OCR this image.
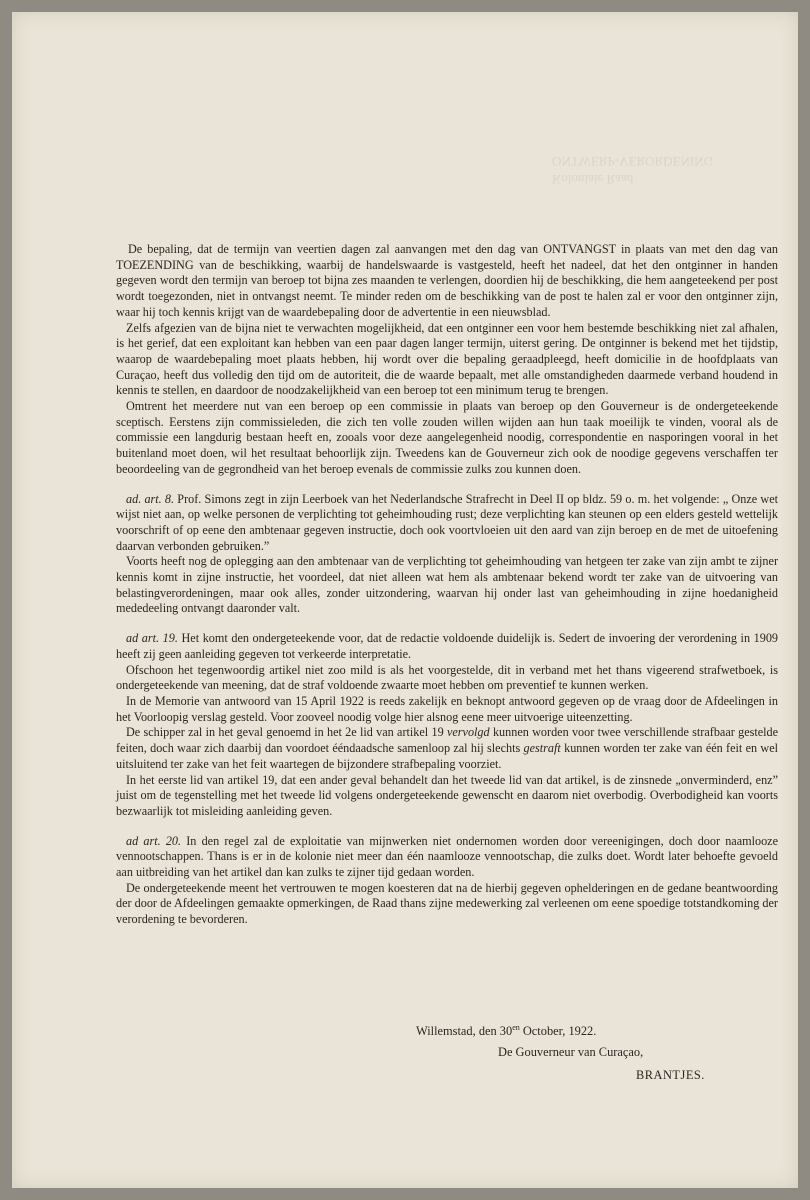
Koloniale Raad
ONTWERP-VERORDENING

De bepaling, dat de termijn van veertien dagen zal aanvangen met den dag van ONTVANGST in plaats van met den dag van TOEZENDING van de beschikking, waarbij de handelswaarde is vastgesteld, heeft het nadeel, dat het den ontginner in handen gegeven wordt den termijn van beroep tot bijna zes maanden te verlengen, doordien hij de beschikking, die hem aangeteekend per post wordt toegezonden, niet in ontvangst neemt. Te minder reden om de beschikking van de post te halen zal er voor den ontginner zijn, waar hij toch kennis krijgt van de waardebepaling door de advertentie in een nieuwsblad.

Zelfs afgezien van de bijna niet te verwachten mogelijkheid, dat een ontginner een voor hem bestemde beschikking niet zal afhalen, is het gerief, dat een exploitant kan hebben van een paar dagen langer termijn, uiterst gering. De ontginner is bekend met het tijdstip, waarop de waardebepaling moet plaats hebben, hij wordt over die bepaling geraadpleegd, heeft domicilie in de hoofdplaats van Curaçao, heeft dus volledig den tijd om de autoriteit, die de waarde bepaalt, met alle omstandigheden daarmede verband houdend in kennis te stellen, en daardoor de noodzakelijkheid van een beroep tot een minimum terug te brengen.

Omtrent het meerdere nut van een beroep op een commissie in plaats van beroep op den Gouverneur is de ondergeteekende sceptisch. Eerstens zijn commissieleden, die zich ten volle zouden willen wijden aan hun taak moeilijk te vinden, vooral als de commissie een langdurig bestaan heeft en, zooals voor deze aangelegenheid noodig, correspondentie en nasporingen vooral in het buitenland moet doen, wil het resultaat behoorlijk zijn. Tweedens kan de Gouverneur zich ook de noodige gegevens verschaffen ter beoordeeling van de gegrondheid van het beroep evenals de commissie zulks zou kunnen doen.

ad. art. 8. Prof. Simons zegt in zijn Leerboek van het Nederlandsche Strafrecht in Deel II op bldz. 59 o. m. het volgende: „ Onze wet wijst niet aan, op welke personen de verplichting tot geheimhouding rust; deze verplichting kan steunen op een elders gesteld wettelijk voorschrift of op eene den ambtenaar gegeven instructie, doch ook voortvloeien uit den aard van zijn beroep en de met de uitoefening daarvan verbonden gebruiken.”

Voorts heeft nog de oplegging aan den ambtenaar van de verplichting tot geheimhouding van hetgeen ter zake van zijn ambt te zijner kennis komt in zijne instructie, het voordeel, dat niet alleen wat hem als ambtenaar bekend wordt ter zake van de uitvoering van belastingverordeningen, maar ook alles, zonder uitzondering, waarvan hij onder last van geheimhouding in zijne hoedanigheid mededeeling ontvangt daaronder valt.

ad art. 19. Het komt den ondergeteekende voor, dat de redactie voldoende duidelijk is. Sedert de invoering der verordening in 1909 heeft zij geen aanleiding gegeven tot verkeerde interpretatie.

Ofschoon het tegenwoordig artikel niet zoo mild is als het voorgestelde, dit in verband met het thans vigeerend strafwetboek, is ondergeteekende van meening, dat de straf voldoende zwaarte moet hebben om preventief te kunnen werken.

In de Memorie van antwoord van 15 April 1922 is reeds zakelijk en beknopt antwoord gegeven op de vraag door de Afdeelingen in het Voorloopig verslag gesteld. Voor zooveel noodig volge hier alsnog eene meer uitvoerige uiteenzetting.

De schipper zal in het geval genoemd in het 2e lid van artikel 19 vervolgd kunnen worden voor twee verschillende strafbaar gestelde feiten, doch waar zich daarbij dan voordoet ééndaadsche samenloop zal hij slechts gestraft kunnen worden ter zake van één feit en wel uitsluitend ter zake van het feit waartegen de bijzondere strafbepaling voorziet.

In het eerste lid van artikel 19, dat een ander geval behandelt dan het tweede lid van dat artikel, is de zinsnede „onverminderd, enz” juist om de tegenstelling met het tweede lid volgens ondergeteekende gewenscht en daarom niet overbodig. Overbodigheid kan voorts bezwaarlijk tot misleiding aanleiding geven.

ad art. 20. In den regel zal de exploitatie van mijnwerken niet ondernomen worden door vereenigingen, doch door naamlooze vennootschappen. Thans is er in de kolonie niet meer dan één naamlooze vennootschap, die zulks doet. Wordt later behoefte gevoeld aan uitbreiding van het artikel dan kan zulks te zijner tijd gedaan worden.

De ondergeteekende meent het vertrouwen te mogen koesteren dat na de hierbij gegeven ophelderingen en de gedane beantwoording der door de Afdeelingen gemaakte opmerkingen, de Raad thans zijne medewerking zal verleenen om eene spoedige totstandkoming der verordening te bevorderen.

Willemstad, den $30^{en}$ October, 1922.
De Gouverneur van Curaçao,
BRANTJES.
